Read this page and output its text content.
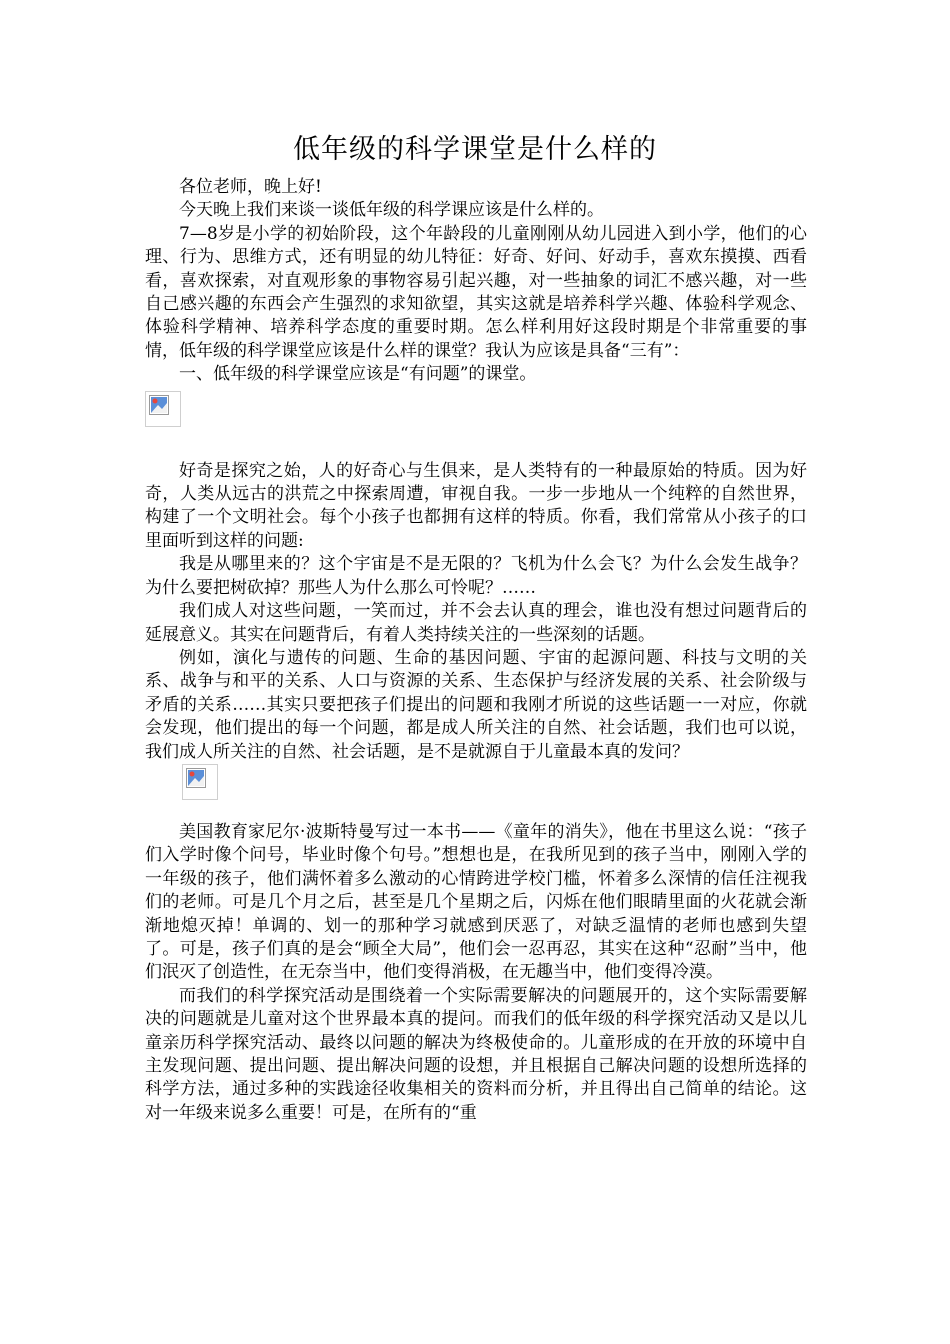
低年级的科学课堂是什么样的

各位老师，晚上好!

今天晚上我们来谈一谈低年级的科学课应该是什么样的。

7—8岁是小学的初始阶段，这个年龄段的儿童刚刚从幼儿园进入到小学，他们的心理、行为、思维方式，还有明显的幼儿特征：好奇、好问、好动手，喜欢东摸摸、西看看，喜欢探索，对直观形象的事物容易引起兴趣，对一些抽象的词汇不感兴趣，对一些自己感兴趣的东西会产生强烈的求知欲望，其实这就是培养科学兴趣、体验科学观念、体验科学精神、培养科学态度的重要时期。怎么样利用好这段时期是个非常重要的事情，低年级的科学课堂应该是什么样的课堂？我认为应该是具备“三有”：

一、低年级的科学课堂应该是“有问题”的课堂。

好奇是探究之始，人的好奇心与生俱来，是人类特有的一种最原始的特质。因为好奇，人类从远古的洪荒之中探索周遭，审视自我。一步一步地从一个纯粹的自然世界，构建了一个文明社会。每个小孩子也都拥有这样的特质。你看，我们常常从小孩子的口里面听到这样的问题:

我是从哪里来的？这个宇宙是不是无限的？飞机为什么会飞？为什么会发生战争？为什么要把树砍掉？那些人为什么那么可怜呢？……

我们成人对这些问题，一笑而过，并不会去认真的理会，谁也没有想过问题背后的延展意义。其实在问题背后，有着人类持续关注的一些深刻的话题。

例如，演化与遗传的问题、生命的基因问题、宇宙的起源问题、科技与文明的关系、战争与和平的关系、人口与资源的关系、生态保护与经济发展的关系、社会阶级与矛盾的关系……其实只要把孩子们提出的问题和我刚才所说的这些话题一一对应，你就会发现，他们提出的每一个问题，都是成人所关注的自然、社会话题，我们也可以说，我们成人所关注的自然、社会话题，是不是就源自于儿童最本真的发问？

美国教育家尼尔·波斯特曼写过一本书——《童年的消失》，他在书里这么说：“孩子们入学时像个问号，毕业时像个句号。”想想也是，在我所见到的孩子当中，刚刚入学的一年级的孩子，他们满怀着多么激动的心情跨进学校门槛，怀着多么深情的信任注视我们的老师。可是几个月之后，甚至是几个星期之后，闪烁在他们眼睛里面的火花就会渐渐地熄灭掉！单调的、划一的那种学习就感到厌恶了，对缺乏温情的老师也感到失望了。可是，孩子们真的是会“顾全大局”，他们会一忍再忍，其实在这种“忍耐”当中，他们泯灭了创造性，在无奈当中，他们变得消极，在无趣当中，他们变得冷漠。

而我们的科学探究活动是围绕着一个实际需要解决的问题展开的，这个实际需要解决的问题就是儿童对这个世界最本真的提问。而我们的低年级的科学探究活动又是以儿童亲历科学探究活动、最终以问题的解决为终极使命的。儿童形成的在开放的环境中自主发现问题、提出问题、提出解决问题的设想，并且根据自己解决问题的设想所选择的科学方法，通过多种的实践途径收集相关的资料而分析，并且得出自己简单的结论。这对一年级来说多么重要！可是，在所有的“重
